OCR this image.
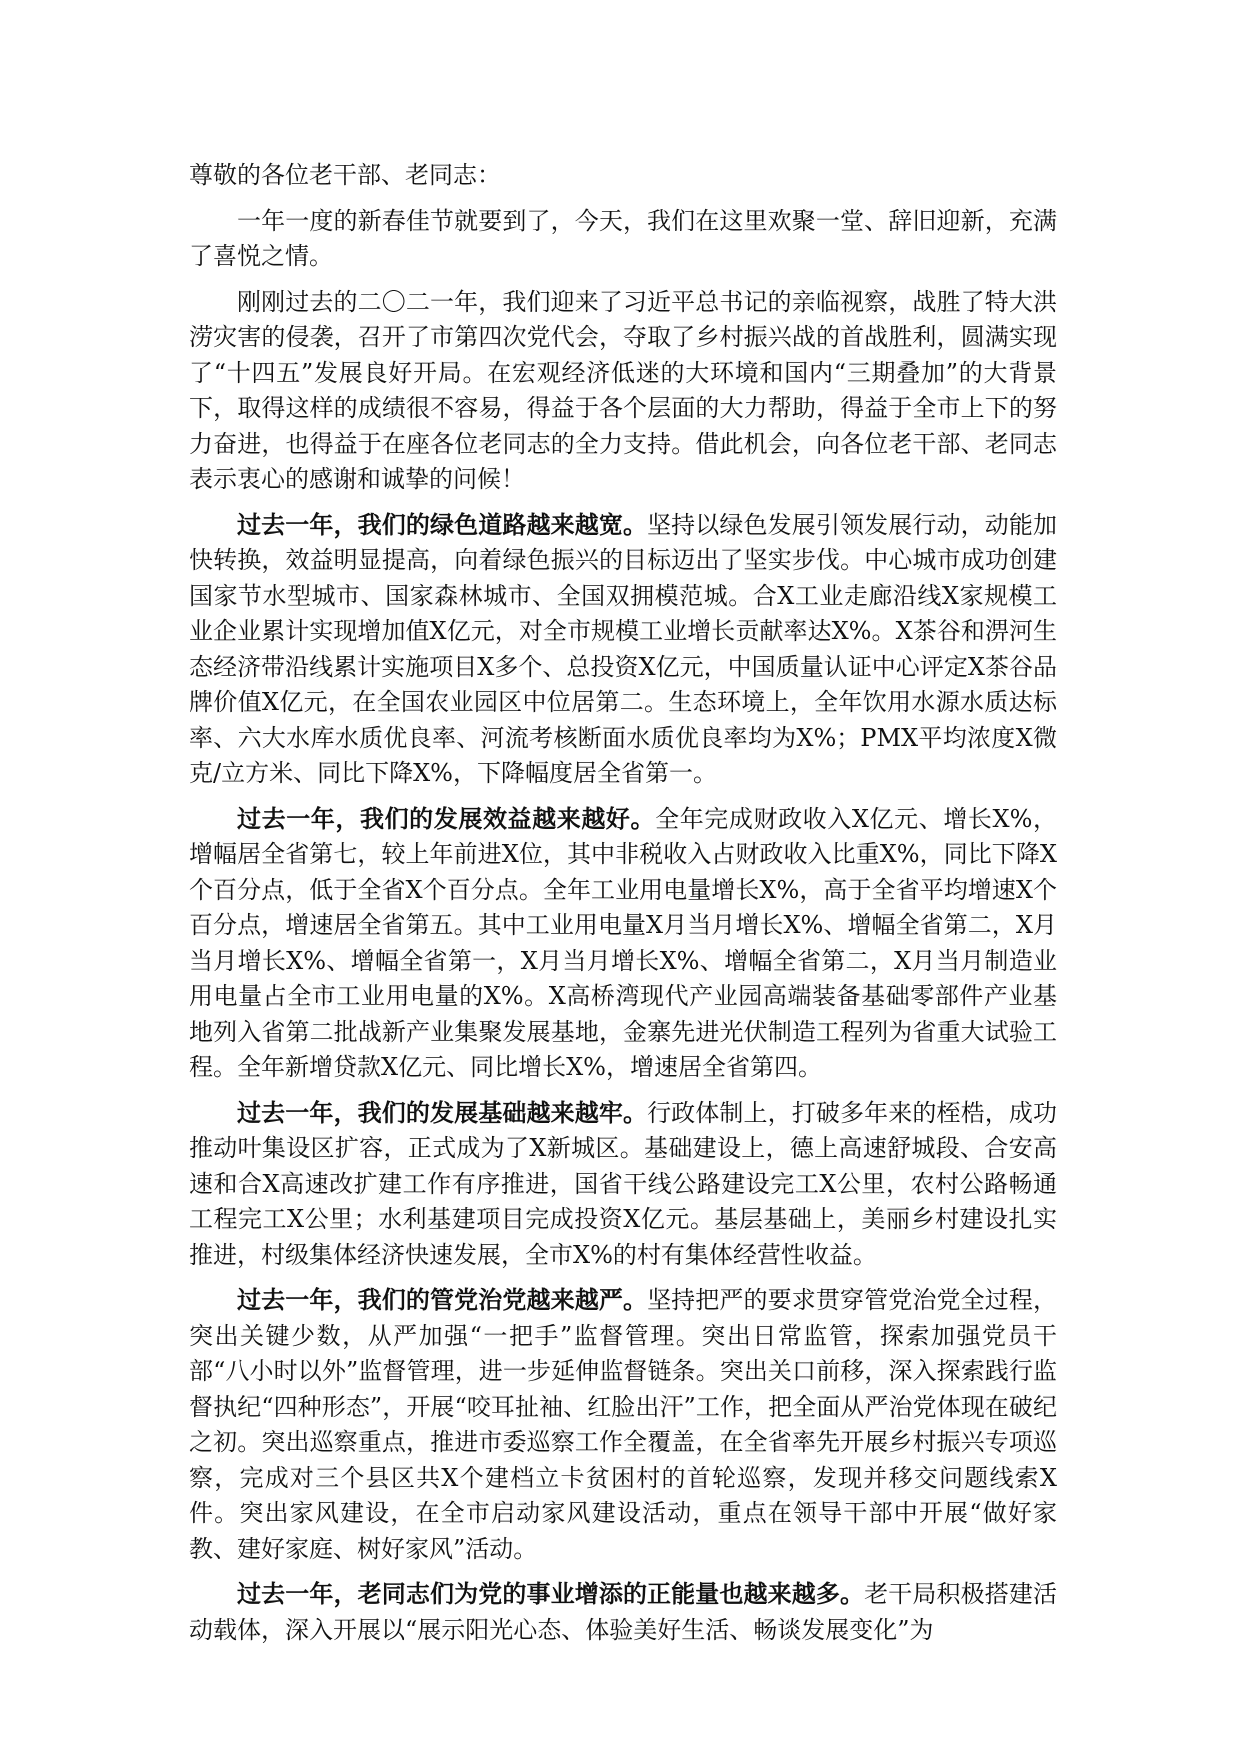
尊敬的各位老干部、老同志：

一年一度的新春佳节就要到了，今天，我们在这里欢聚一堂、辞旧迎新，充满了喜悦之情。

刚刚过去的二〇二一年，我们迎来了习近平总书记的亲临视察，战胜了特大洪涝灾害的侵袭，召开了市第四次党代会，夺取了乡村振兴战的首战胜利，圆满实现了“十四五”发展良好开局。在宏观经济低迷的大环境和国内“三期叠加”的大背景下，取得这样的成绩很不容易，得益于各个层面的大力帮助，得益于全市上下的努力奋进，也得益于在座各位老同志的全力支持。借此机会，向各位老干部、老同志表示衷心的感谢和诚挚的问候！

过去一年，我们的绿色道路越来越宽。坚持以绿色发展引领发展行动，动能加快转换，效益明显提高，向着绿色振兴的目标迈出了坚实步伐。中心城市成功创建国家节水型城市、国家森林城市、全国双拥模范城。合X工业走廊沿线X家规模工业企业累计实现增加值X亿元，对全市规模工业增长贡献率达X%。X茶谷和淠河生态经济带沿线累计实施项目X多个、总投资X亿元，中国质量认证中心评定X茶谷品牌价值X亿元，在全国农业园区中位居第二。生态环境上，全年饮用水源水质达标率、六大水库水质优良率、河流考核断面水质优良率均为X%；PMX平均浓度X微克/立方米、同比下降X%，下降幅度居全省第一。

过去一年，我们的发展效益越来越好。全年完成财政收入X亿元、增长X%，增幅居全省第七，较上年前进X位，其中非税收入占财政收入比重X%，同比下降X个百分点，低于全省X个百分点。全年工业用电量增长X%，高于全省平均增速X个百分点，增速居全省第五。其中工业用电量X月当月增长X%、增幅全省第二，X月当月增长X%、增幅全省第一，X月当月增长X%、增幅全省第二，X月当月制造业用电量占全市工业用电量的X%。X高桥湾现代产业园高端装备基础零部件产业基地列入省第二批战新产业集聚发展基地，金寨先进光伏制造工程列为省重大试验工程。全年新增贷款X亿元、同比增长X%，增速居全省第四。

过去一年，我们的发展基础越来越牢。行政体制上，打破多年来的桎梏，成功推动叶集设区扩容，正式成为了X新城区。基础建设上，德上高速舒城段、合安高速和合X高速改扩建工作有序推进，国省干线公路建设完工X公里，农村公路畅通工程完工X公里；水利基建项目完成投资X亿元。基层基础上，美丽乡村建设扎实推进，村级集体经济快速发展，全市X%的村有集体经营性收益。

过去一年，我们的管党治党越来越严。坚持把严的要求贯穿管党治党全过程，突出关键少数，从严加强“一把手”监督管理。突出日常监管，探索加强党员干部“八小时以外”监督管理，进一步延伸监督链条。突出关口前移，深入探索践行监督执纪“四种形态”，开展“咬耳扯袖、红脸出汗”工作，把全面从严治党体现在破纪之初。突出巡察重点，推进市委巡察工作全覆盖，在全省率先开展乡村振兴专项巡察，完成对三个县区共X个建档立卡贫困村的首轮巡察，发现并移交问题线索X件。突出家风建设，在全市启动家风建设活动，重点在领导干部中开展“做好家教、建好家庭、树好家风”活动。

过去一年，老同志们为党的事业增添的正能量也越来越多。老干局积极搭建活动载体，深入开展以“展示阳光心态、体验美好生活、畅谈发展变化”为
